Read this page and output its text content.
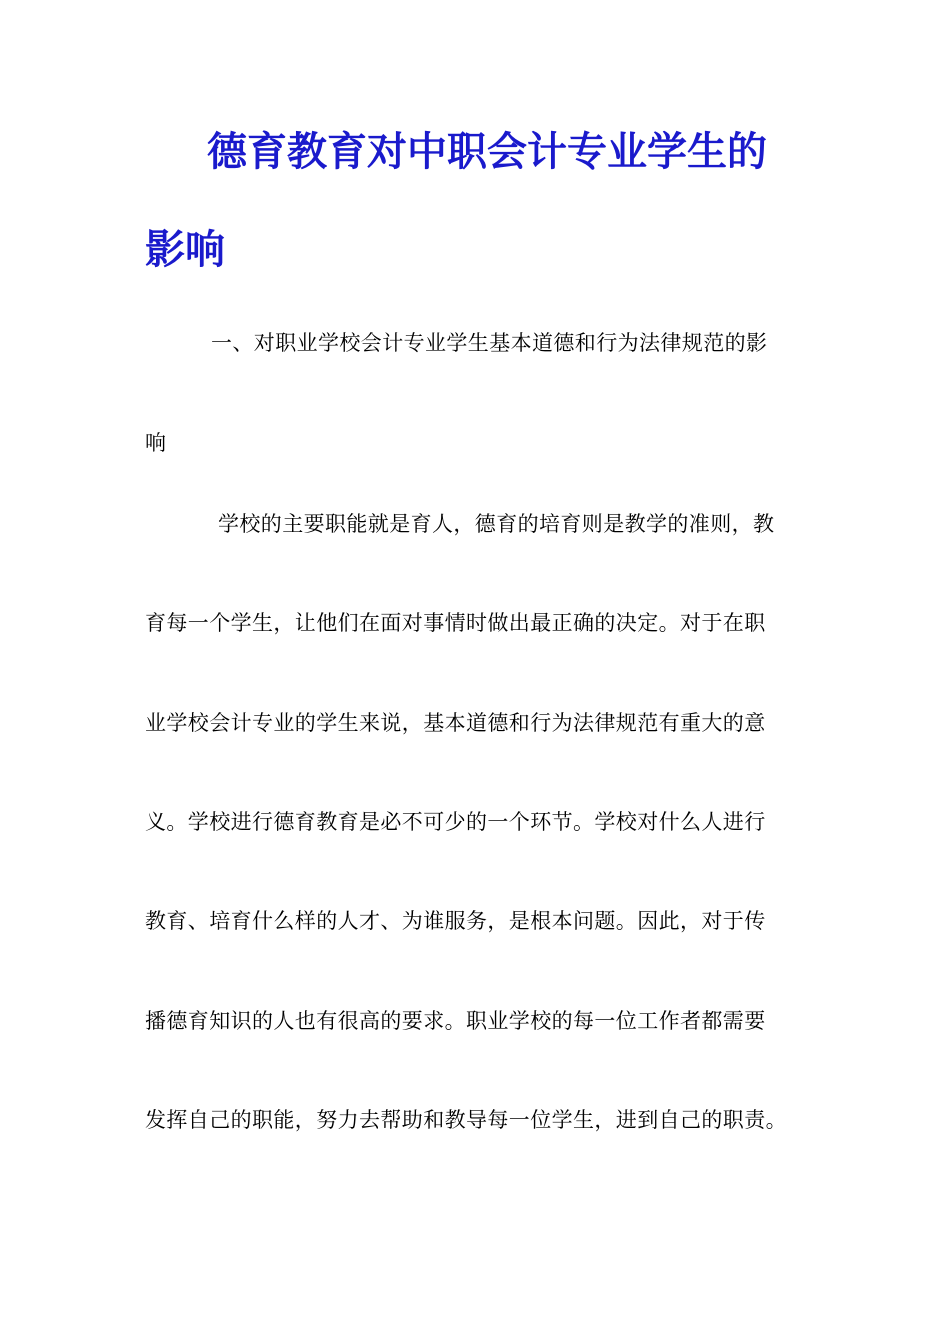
德育教育对中职会计专业学生的
影响
一、对职业学校会计专业学生基本道德和行为法律规范的影
响
学校的主要职能就是育人，德育的培育则是教学的准则，教
育每一个学生，让他们在面对事情时做出最正确的决定。对于在职
业学校会计专业的学生来说，基本道德和行为法律规范有重大的意
义。学校进行德育教育是必不可少的一个环节。学校对什么人进行
教育、培育什么样的人才、为谁服务，是根本问题。因此，对于传
播德育知识的人也有很高的要求。职业学校的每一位工作者都需要
发挥自己的职能，努力去帮助和教导每一位学生，进到自己的职责。
